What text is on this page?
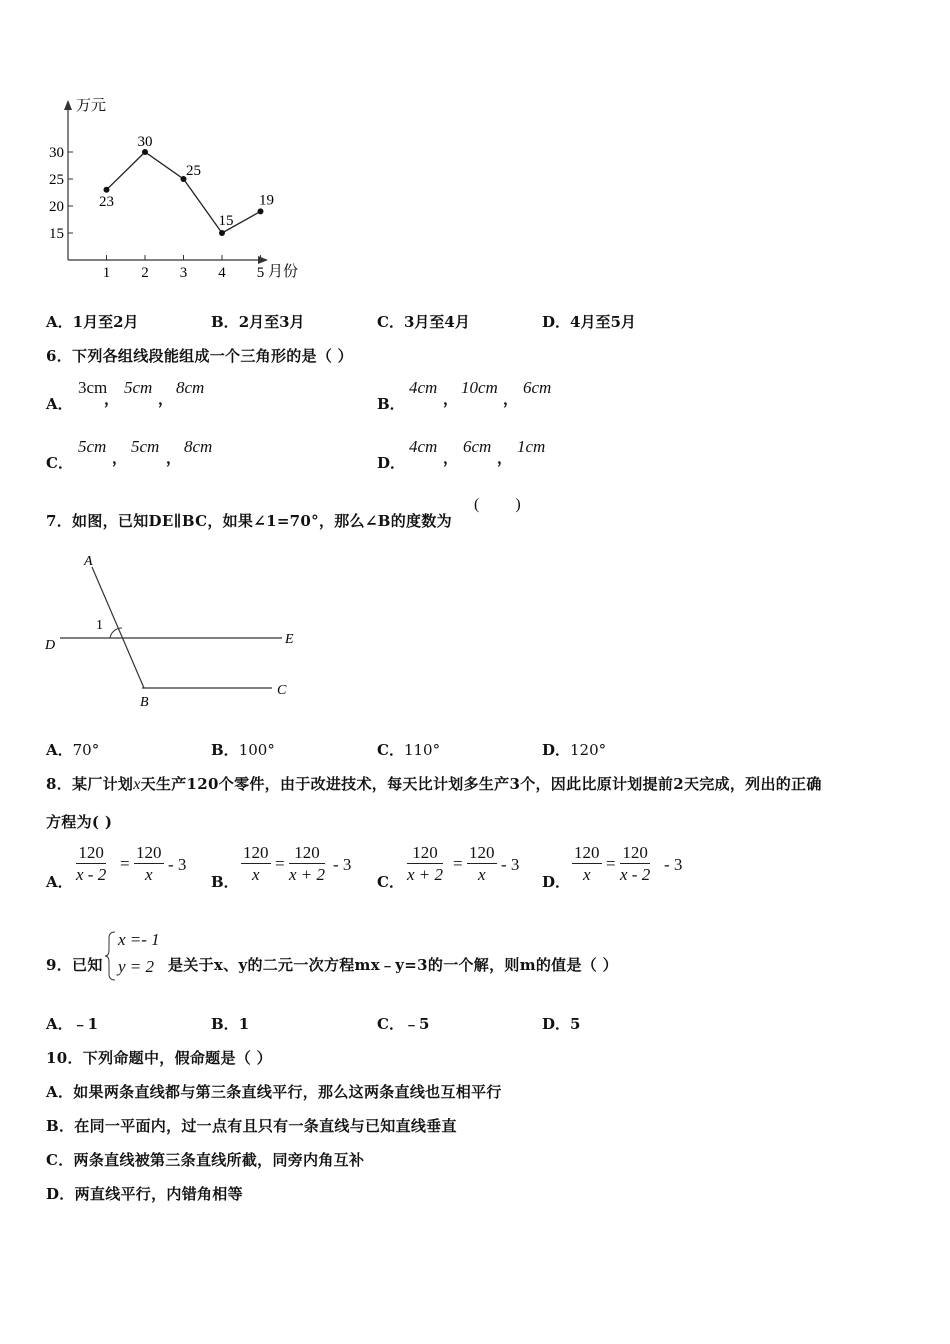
万元
月份
15
20
25
30
1 2 3 4 5
23
30
25
15
19
A．1月至2月	B．2月至3月	C．3月至4月	D．4月至5月
6．下列各组线段能组成一个三角形的是（ ）
A．
3cm
，
5cm
，
8cm
B．
4cm
，
10cm
，
6cm
C．
5cm
，
5cm
，
8cm
D．
4cm
，
6cm
，
1cm
7．如图，已知DE∥BC，如果∠1=70°，那么∠B的度数为
(         )
A
D	E
B
C
1
A．70°	B．100°	C．110°	D．120°
8．某厂计划x天生产120个零件，由于改进技术，每天比计划多生产3个，因此比原计划提前2天完成，列出的正确
方程为( )
A． $\frac{120}{x - 2} = \frac{120}{x} - 3$
B． $\frac{120}{x} = \frac{120}{x + 2} - 3$
C． $\frac{120}{x + 2} = \frac{120}{x} - 3$
D． $\frac{120}{x} = \frac{120}{x - 2} - 3$
9．已知
x =- 1
y = 2 是关于x、y的二元一次方程mx﹣y=3的一个解，则m的值是（ ）
A．﹣1	B．1	C．﹣5	D．5
10．下列命题中，假命题是（ ）
A．如果两条直线都与第三条直线平行，那么这两条直线也互相平行
B．在同一平面内，过一点有且只有一条直线与已知直线垂直
C．两条直线被第三条直线所截，同旁内角互补
D．两直线平行，内错角相等
